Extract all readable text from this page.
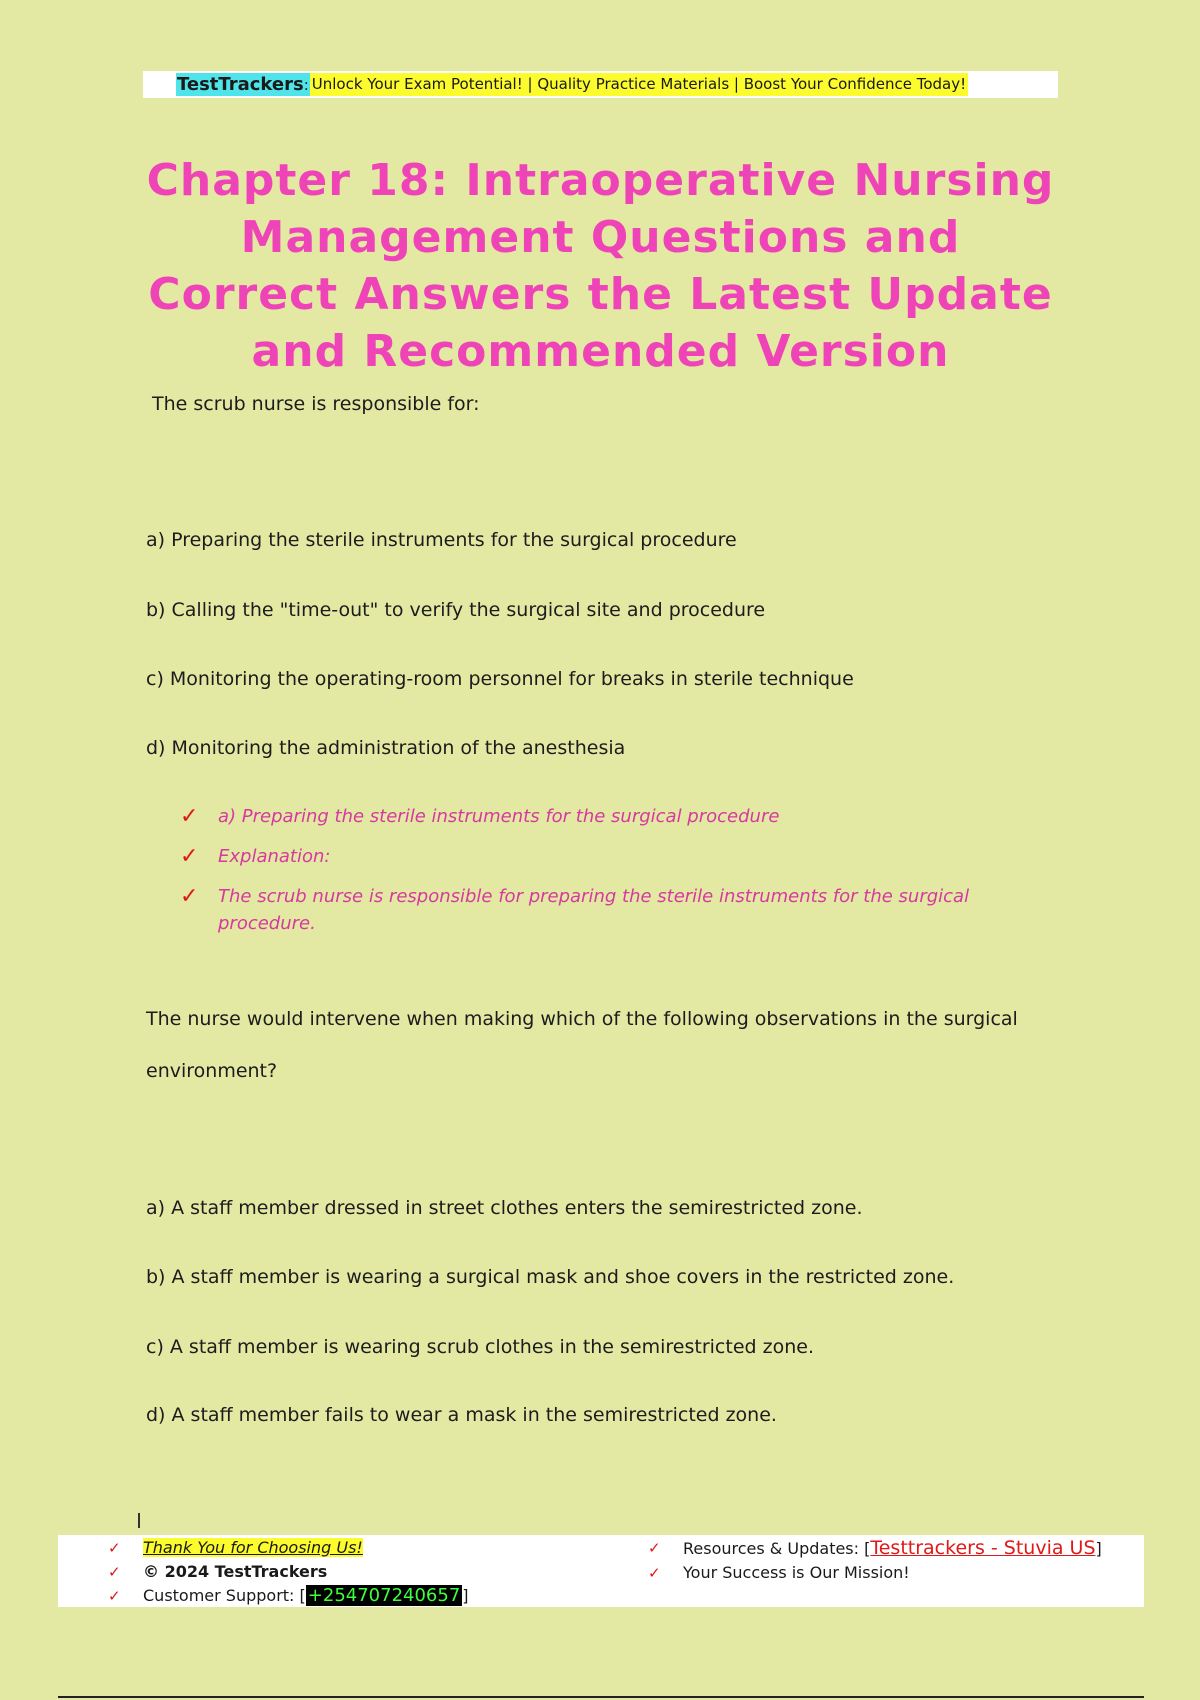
TestTrackers: Unlock Your Exam Potential! | Quality Practice Materials | Boost Your Confidence Today!
Chapter 18: Intraoperative Nursing Management Questions and Correct Answers the Latest Update and Recommended Version
The scrub nurse is responsible for:
a) Preparing the sterile instruments for the surgical procedure
b) Calling the "time-out" to verify the surgical site and procedure
c) Monitoring the operating-room personnel for breaks in sterile technique
d) Monitoring the administration of the anesthesia
✓ a) Preparing the sterile instruments for the surgical procedure
✓ Explanation:
✓ The scrub nurse is responsible for preparing the sterile instruments for the surgical procedure.
The nurse would intervene when making which of the following observations in the surgical
environment?
a) A staff member dressed in street clothes enters the semirestricted zone.
b) A staff member is wearing a surgical mask and shoe covers in the restricted zone.
c) A staff member is wearing scrub clothes in the semirestricted zone.
d) A staff member fails to wear a mask in the semirestricted zone.
✓ Thank You for Choosing Us!
✓ © 2024 TestTrackers
✓ Customer Support: [ +254707240657 ]
✓ Resources & Updates: [Testtrackers - Stuvia US]
✓ Your Success is Our Mission!
